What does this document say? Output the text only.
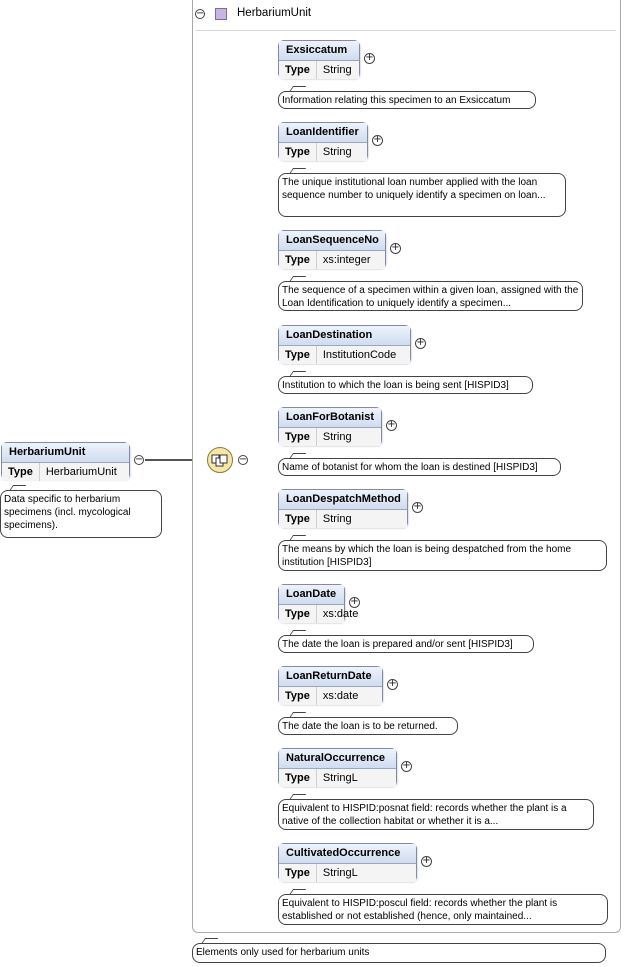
−	HerbariumUnit
HerbariumUnit
Type	HerbariumUnit
−
Data specific to herbarium specimens (incl. mycological specimens).
−
Exsiccatum
Type	String
+
Information relating this specimen to an Exsiccatum
LoanIdentifier
Type	String
+
The unique institutional loan number applied with the loan sequence number to uniquely identify a specimen on loan...
LoanSequenceNo
Type	xs:integer
+
The sequence of a specimen within a given loan, assigned with the Loan Identification to uniquely identify a specimen...
LoanDestination
Type	InstitutionCode
+
Institution to which the loan is being sent [HISPID3]
LoanForBotanist
Type	String
+
Name of botanist for whom the loan is destined [HISPID3]
LoanDespatchMethod
Type	String
+
The means by which the loan is being despatched from the home institution [HISPID3]
LoanDate
Type	xs:date
+
The date the loan is prepared and/or sent [HISPID3]
LoanReturnDate
Type	xs:date
+
The date the loan is to be returned.
NaturalOccurrence
Type	StringL
+
Equivalent to HISPID:posnat field: records whether the plant is a native of the collection habitat or whether it is a...
CultivatedOccurrence
Type	StringL
+
Equivalent to HISPID:poscul field: records whether the plant is established or not established (hence, only maintained...
Elements only used for herbarium units
